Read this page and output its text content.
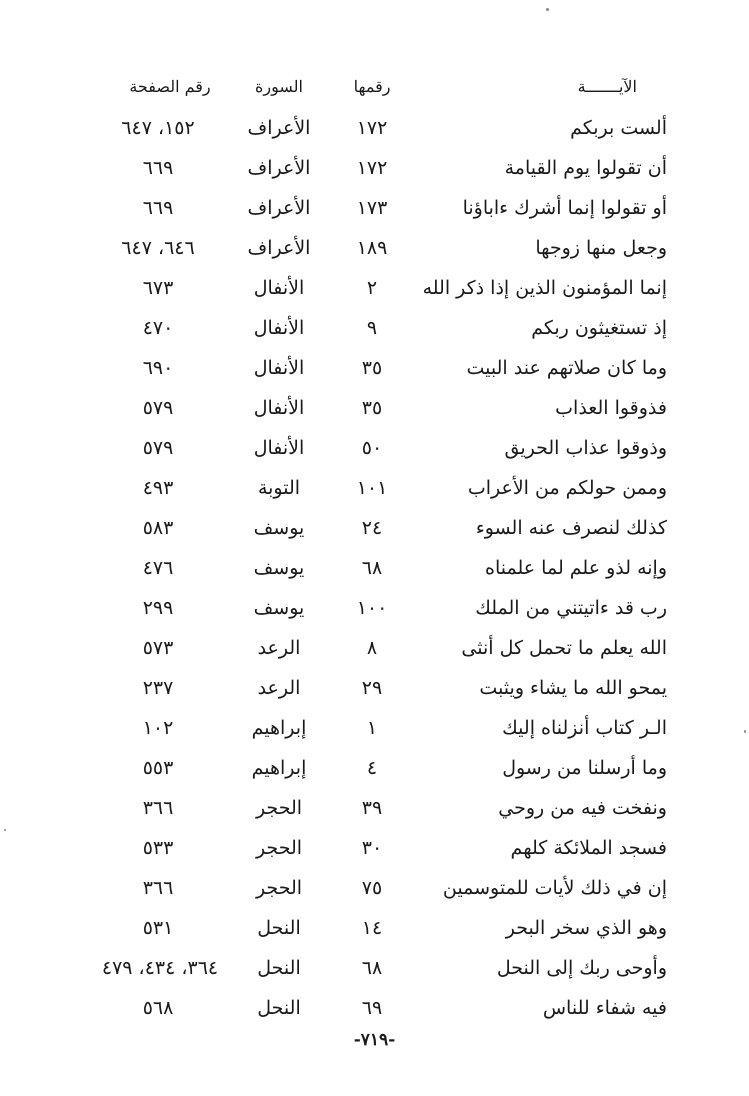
الآيـــــــة
رقمها
السورة
رقم الصفحة
ألست بربكم
١٧٢
الأعراف
١٥٢، ٦٤٧
أن تقولوا يوم القيامة
١٧٢
الأعراف
٦٦٩
أو تقولوا إنما أشرك ءاباؤنا
١٧٣
الأعراف
٦٦٩
وجعل منها زوجها
١٨٩
الأعراف
٦٤٦، ٦٤٧
إنما المؤمنون الذين إذا ذكر الله
٢
الأنفال
٦٧٣
إذ تستغيثون ربكم
٩
الأنفال
٤٧٠
وما كان صلاتهم عند البيت
٣٥
الأنفال
٦٩٠
فذوقوا العذاب
٣٥
الأنفال
٥٧٩
وذوقوا عذاب الحريق
٥٠
الأنفال
٥٧٩
وممن حولكم من الأعراب
١٠١
التوبة
٤٩٣
كذلك لنصرف عنه السوء
٢٤
يوسف
٥٨٣
وإنه لذو علم لما علمناه
٦٨
يوسف
٤٧٦
رب قد ءاتيتني من الملك
١٠٠
يوسف
٢٩٩
الله يعلم ما تحمل كل أنثى
٨
الرعد
٥٧٣
يمحو الله ما يشاء ويثبت
٢٩
الرعد
٢٣٧
الـر كتاب أنزلناه إليك
١
إبراهيم
١٠٢
وما أرسلنا من رسول
٤
إبراهيم
٥٥٣
ونفخت فيه من روحي
٣٩
الحجر
٣٦٦
فسجد الملائكة كلهم
٣٠
الحجر
٥٣٣
إن في ذلك لأيات للمتوسمين
٧٥
الحجر
٣٦٦
وهو الذي سخر البحر
١٤
النحل
٥٣١
وأوحى ربك إلى النحل
٦٨
النحل
٣٦٤، ٤٣٤، ٤٧٩
فيه شفاء للناس
٦٩
النحل
٥٦٨
-٧١٩-
